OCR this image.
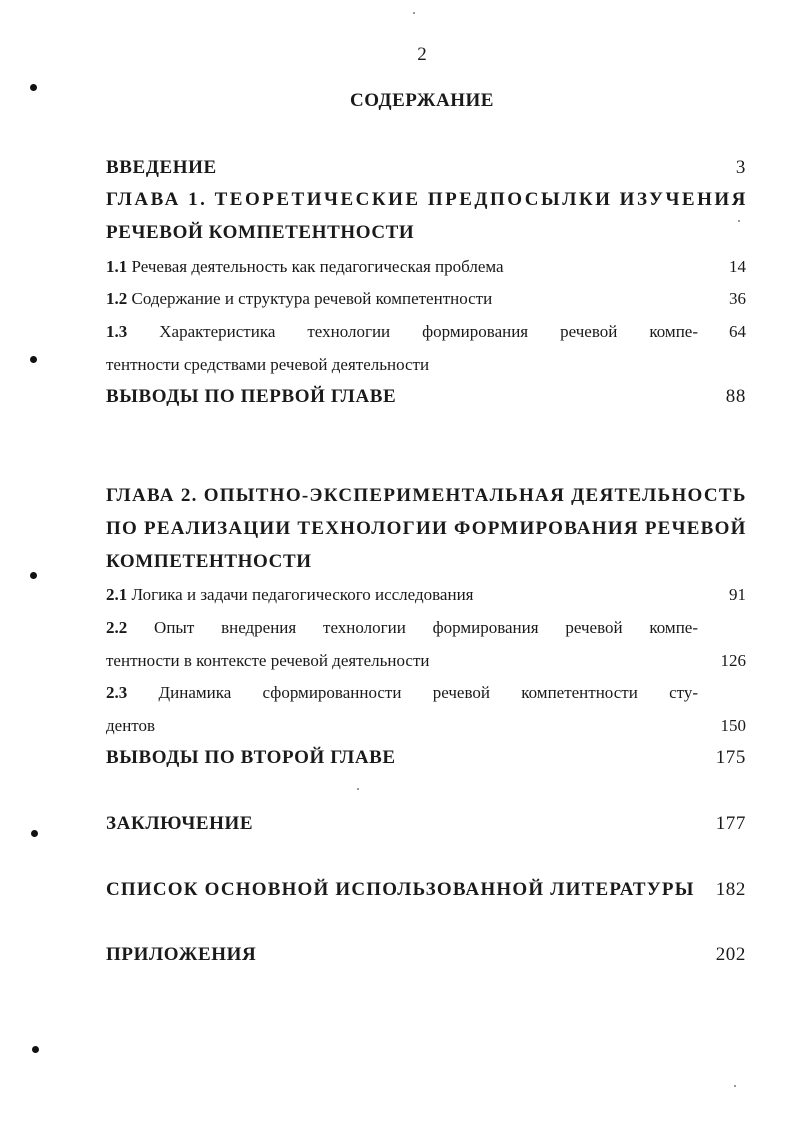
2
СОДЕРЖАНИЕ
ВВЕДЕНИЕ	3
ГЛАВА 1. ТЕОРЕТИЧЕСКИЕ ПРЕДПОСЫЛКИ ИЗУЧЕНИЯ
РЕЧЕВОЙ КОМПЕТЕНТНОСТИ
1.1 Речевая деятельность как педагогическая проблема	14
1.2 Содержание и структура речевой компетентности	36
1.3 Характеристика технологии формирования речевой компе- 64
тентности средствами речевой деятельности
ВЫВОДЫ ПО ПЕРВОЙ ГЛАВЕ	88
ГЛАВА 2. ОПЫТНО-ЭКСПЕРИМЕНТАЛЬНАЯ ДЕЯТЕЛЬНОСТЬ
ПО РЕАЛИЗАЦИИ ТЕХНОЛОГИИ ФОРМИРОВАНИЯ РЕЧЕВОЙ
КОМПЕТЕНТНОСТИ
2.1 Логика и задачи педагогического исследования	91
2.2 Опыт внедрения технологии формирования речевой компе-
тентности в контексте речевой деятельности	126
2.3 Динамика сформированности речевой компетентности сту-
дентов	150
ВЫВОДЫ ПО ВТОРОЙ ГЛАВЕ	175
ЗАКЛЮЧЕНИЕ	177
СПИСОК ОСНОВНОЙ ИСПОЛЬЗОВАННОЙ ЛИТЕРАТУРЫ 182
ПРИЛОЖЕНИЯ	202
